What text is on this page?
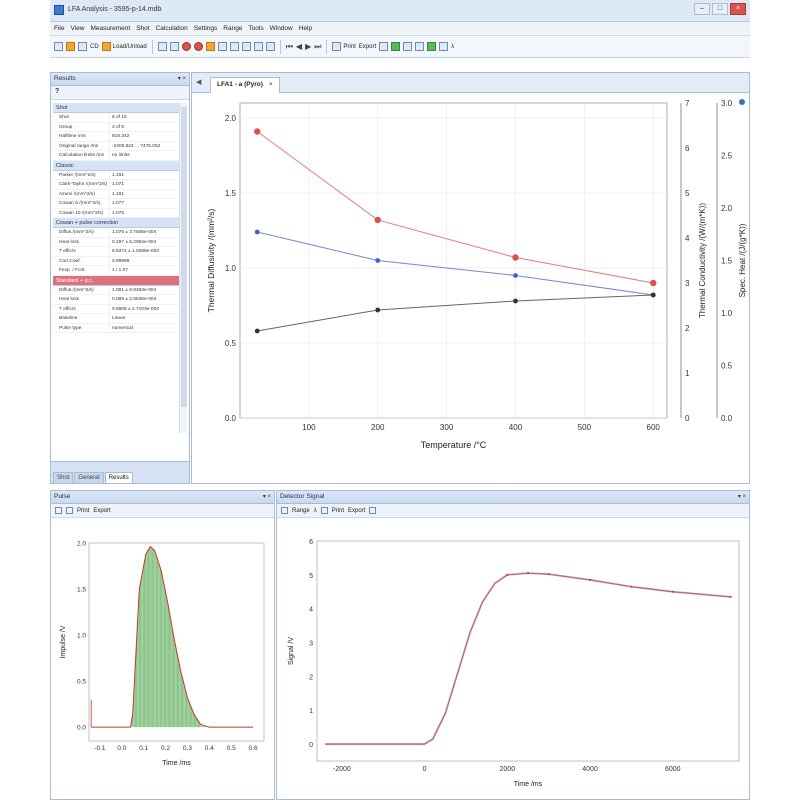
LFA Analysis - 3595-p-14.mdb	–	□	×
File View Measurement Shot Calculation Settings Range Tools Window Help
CD Load/Unload	⏮ ◀ ▶ ⏭	Print Export	λ
Results	▾ ×
?
Shot
Shot	6 of 15
Group	3 of 5
Halftime /ms	816.342
Original range /ms	-2409.824 ... 7475.052
Calculation limits /ms	no limits
Classic
Parker /(mm^2/s)	1.161
Clark-Taylor /(mm^2/s)	1.071
Azumi /(mm^2/s)	1.161
Cowan 5 /(mm^2/s)	1.077
Cowan 10 /(mm^2/s)	1.075
Cowan + pulse correction
Diffus./(mm^2/s)	1.076 ± 3.7505e-004
Heat loss	0.197 ± 6.2964e-004
T effic/s	6.6374 ± 1.0289e-003
Corr.Coef.	0.99998
Fexp. / Fcrit.	1 / 1.07
Standard + p.c.
Diffus./(mm^2/s)	1.081 ± 6.9463e-004
Heat loss	0.085 ± 2.6536e-004
T effic/s	0.6808 ± 2.7103e-003
Baseline	Linear
Pulse type	numerical
Shot	General	Results
◀	LFA1 - a (Pyro) ×
0.0
0.5
1.0
1.5
2.0
100	200	300	400	500	600
Temperature /°C
Thermal Diffusivity /(mm²/s)
0
1
2
3
4
5
6
7
Thermal Conductivity /(W/(m*K))
0.0
0.5
1.0
1.5
2.0
2.5
3.0
Spec. Heat /(J/(g*K))
Pulse	▾ ×
Print Export
0.0
0.5
1.0
1.5
2.0
-0.1 0.0 0.1 0.2 0.3 0.4 0.5 0.6
Time /ms
Impulse /V
Detector Signal	▾ ×
Range λ	Print Export
0
1
2
3
4
5
6
-2000	0	2000	4000	6000
Time /ms
Signal /V
